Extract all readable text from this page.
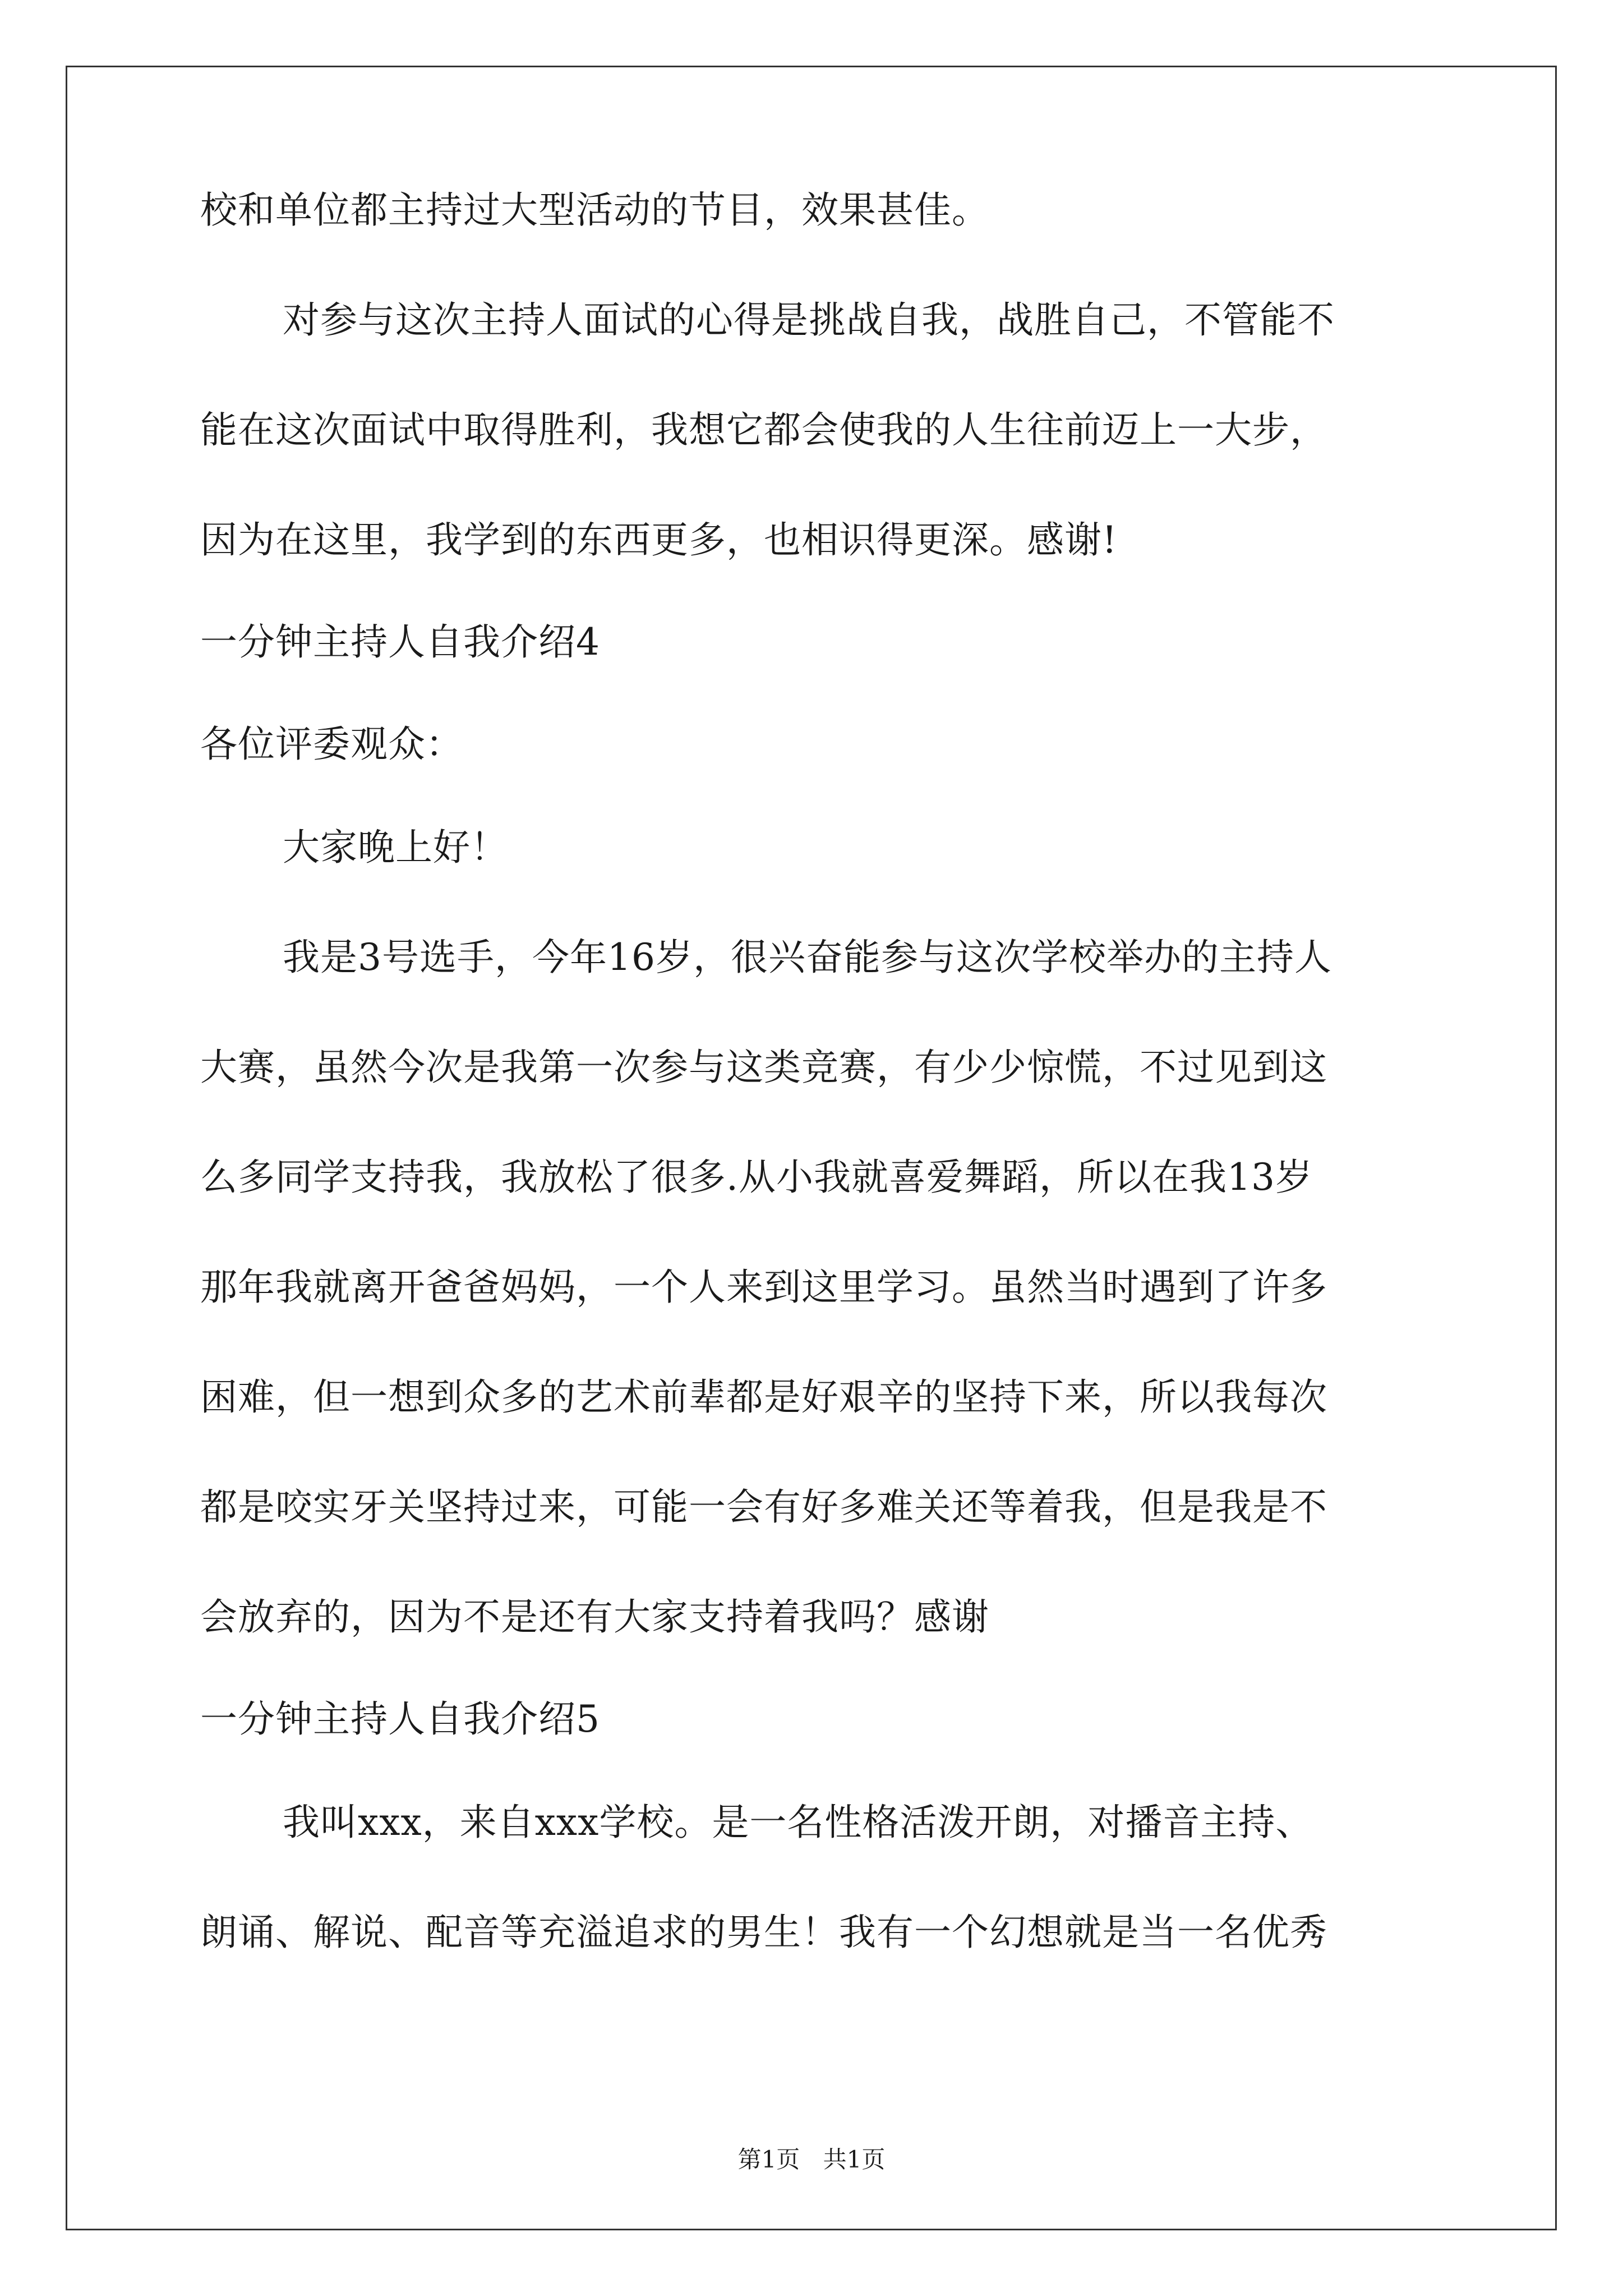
校和单位都主持过大型活动的节目，效果甚佳。
对参与这次主持人面试的心得是挑战自我，战胜自己，不管能不
能在这次面试中取得胜利，我想它都会使我的人生往前迈上一大步，
因为在这里，我学到的东西更多，也相识得更深。感谢!
一分钟主持人自我介绍4
各位评委观众：
大家晚上好！
我是3号选手，今年16岁，很兴奋能参与这次学校举办的主持人
大赛，虽然今次是我第一次参与这类竞赛，有少少惊慌，不过见到这
么多同学支持我，我放松了很多.从小我就喜爱舞蹈，所以在我13岁
那年我就离开爸爸妈妈，一个人来到这里学习。虽然当时遇到了许多
困难，但一想到众多的艺术前辈都是好艰辛的坚持下来，所以我每次
都是咬实牙关坚持过来，可能一会有好多难关还等着我，但是我是不
会放弃的，因为不是还有大家支持着我吗？感谢
一分钟主持人自我介绍5
我叫xxx，来自xxx学校。是一名性格活泼开朗，对播音主持、
朗诵、解说、配音等充溢追求的男生！我有一个幻想就是当一名优秀
第1页 共1页
